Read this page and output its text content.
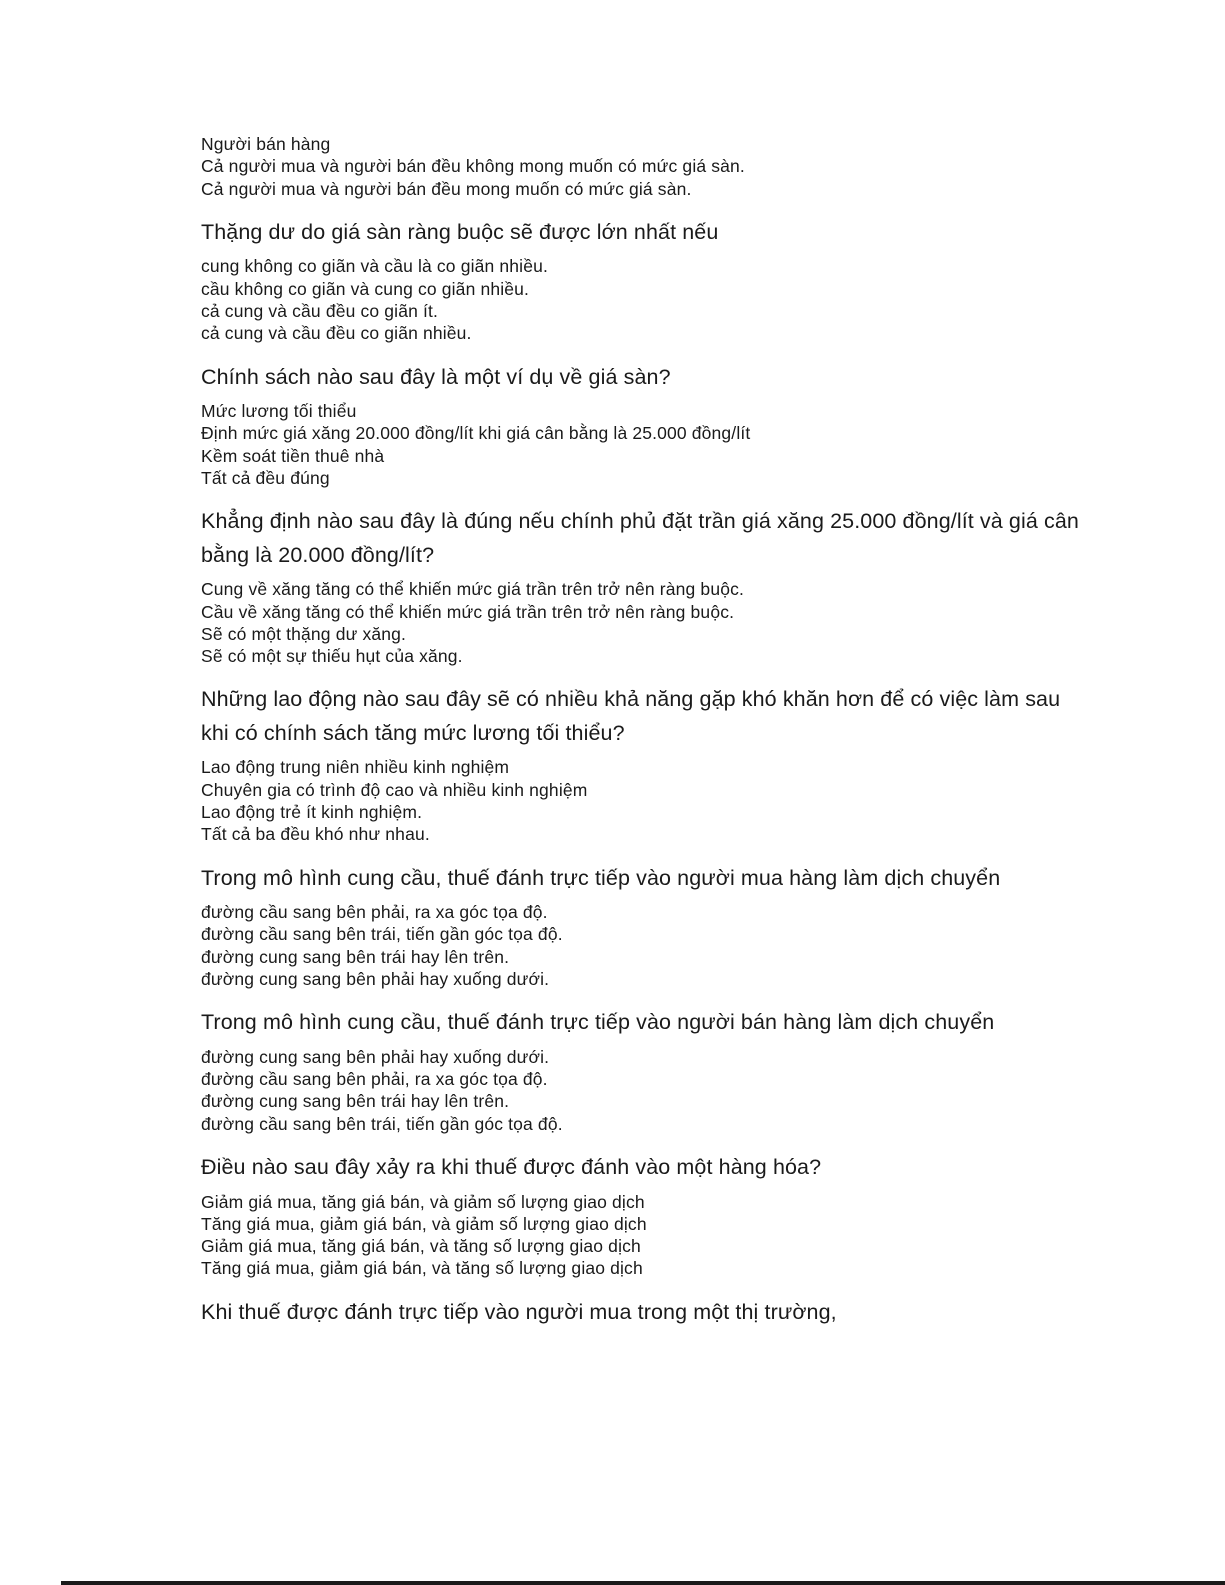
Người bán hàng

Cả người mua và người bán đều không mong muốn có mức giá sàn.

Cả người mua và người bán đều mong muốn có mức giá sàn.

Thặng dư do giá sàn ràng buộc sẽ được lớn nhất nếu

cung không co giãn và cầu là co giãn nhiều.

cầu không co giãn và cung co giãn nhiều.

cả cung và cầu đều co giãn ít.

cả cung và cầu đều co giãn nhiều.

Chính sách nào sau đây là một ví dụ về giá sàn?

Mức lương tối thiểu

Định mức giá xăng 20.000 đồng/lít khi giá cân bằng là 25.000 đồng/lít

Kềm soát tiền thuê nhà

Tất cả đều đúng

Khẳng định nào sau đây là đúng nếu chính phủ đặt trần giá xăng 25.000 đồng/lít và giá cân bằng là 20.000 đồng/lít?

Cung về xăng tăng có thể khiến mức giá trần trên trở nên ràng buộc.

Cầu về xăng tăng có thể khiến mức giá trần trên trở nên ràng buộc.

Sẽ có một thặng dư xăng.

Sẽ có một sự thiếu hụt của xăng.

Những lao động nào sau đây sẽ có nhiều khả năng gặp khó khăn hơn để có việc làm sau khi có chính sách tăng mức lương tối thiểu?

Lao động trung niên nhiều kinh nghiệm

Chuyên gia có trình độ cao và nhiều kinh nghiệm

Lao động trẻ ít kinh nghiệm.

Tất cả ba đều khó như nhau.

Trong mô hình cung cầu, thuế đánh trực tiếp vào người mua hàng làm dịch chuyển

đường cầu sang bên phải, ra xa góc tọa độ.

đường cầu sang bên trái, tiến gần góc tọa độ.

đường cung sang bên trái hay lên trên.

đường cung sang bên phải hay xuống dưới.

Trong mô hình cung cầu, thuế đánh trực tiếp vào người bán hàng làm dịch chuyển

đường cung sang bên phải hay xuống dưới.

đường cầu sang bên phải, ra xa góc tọa độ.

đường cung sang bên trái hay lên trên.

đường cầu sang bên trái, tiến gần góc tọa độ.

Điều nào sau đây xảy ra khi thuế được đánh vào một hàng hóa?

Giảm giá mua, tăng giá bán, và giảm số lượng giao dịch

Tăng giá mua, giảm giá bán, và giảm số lượng giao dịch

Giảm giá mua, tăng giá bán, và tăng số lượng giao dịch

Tăng giá mua, giảm giá bán, và tăng số lượng giao dịch

Khi thuế được đánh trực tiếp vào người mua trong một thị trường,
